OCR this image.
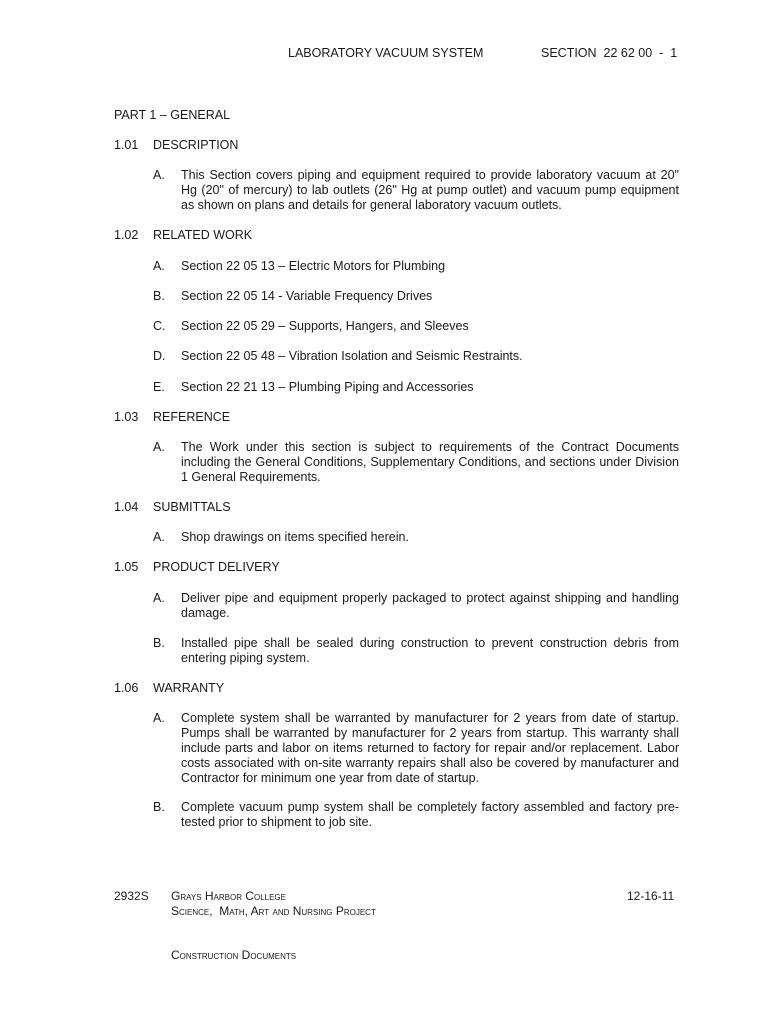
LABORATORY VACUUM SYSTEM	SECTION  22 62 00  -  1
PART 1 – GENERAL
1.01 DESCRIPTION
A. This Section covers piping and equipment required to provide laboratory vacuum at 20" Hg (20" of mercury) to lab outlets (26" Hg at pump outlet) and vacuum pump equipment as shown on plans and details for general laboratory vacuum outlets.
1.02 RELATED WORK
A. Section 22 05 13 – Electric Motors for Plumbing
B. Section 22 05 14 - Variable Frequency Drives
C. Section 22 05 29 – Supports, Hangers, and Sleeves
D. Section 22 05 48 – Vibration Isolation and Seismic Restraints.
E. Section 22 21 13 – Plumbing Piping and Accessories
1.03 REFERENCE
A. The Work under this section is subject to requirements of the Contract Documents including the General Conditions, Supplementary Conditions, and sections under Division 1 General Requirements.
1.04 SUBMITTALS
A. Shop drawings on items specified herein.
1.05 PRODUCT DELIVERY
A. Deliver pipe and equipment properly packaged to protect against shipping and handling damage.
B. Installed pipe shall be sealed during construction to prevent construction debris from entering piping system.
1.06 WARRANTY
A. Complete system shall be warranted by manufacturer for 2 years from date of startup. Pumps shall be warranted by manufacturer for 2 years from startup. This warranty shall include parts and labor on items returned to factory for repair and/or replacement. Labor costs associated with on-site warranty repairs shall also be covered by manufacturer and Contractor for minimum one year from date of startup.
B. Complete vacuum pump system shall be completely factory assembled and factory pre-tested prior to shipment to job site.
2932S Grays Harbor College	12-16-11
Science,  Math, Art and Nursing Project
Construction Documents
